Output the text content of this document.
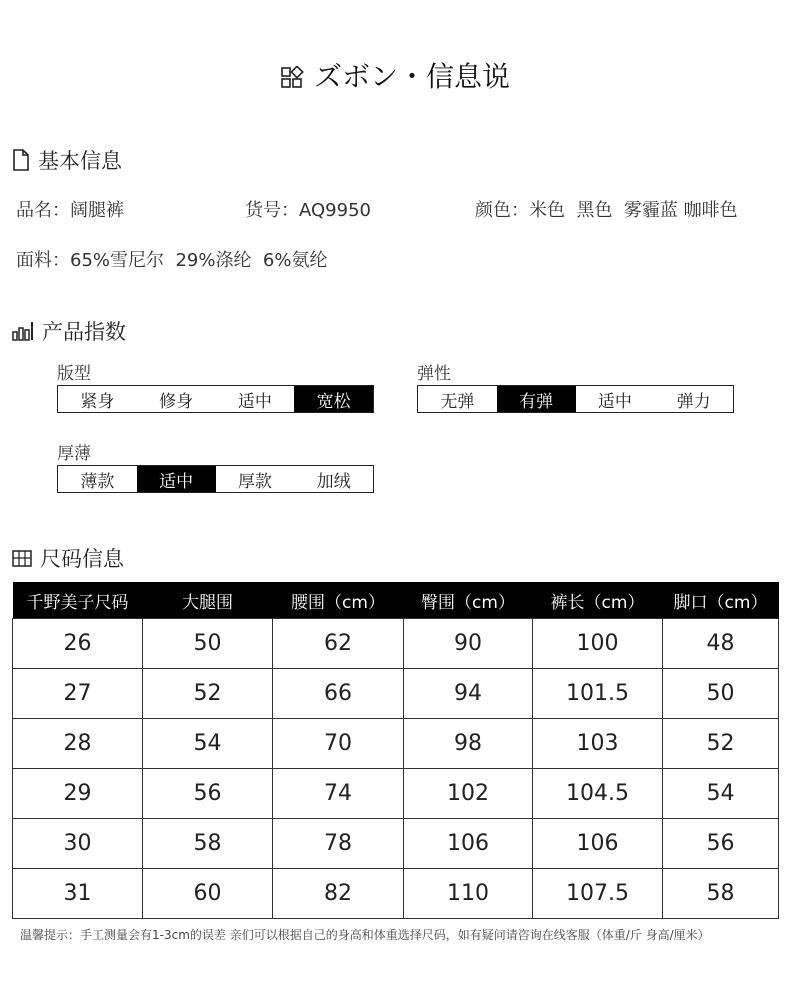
ズボン・信息说
基本信息
品名：阔腿裤	货号：AQ9950	颜色：米色  黑色  雾霾蓝 咖啡色
面料：65%雪尼尔  29%涤纶  6%氨纶
产品指数
版型
紧身	修身	适中	宽松
弹性
无弹	有弹	适中	弹力
厚薄
薄款	适中	厚款	加绒
尺码信息
千野美子尺码	大腿围	腰围（cm）	臀围（cm）	裤长（cm）	脚口（cm）
26	50	62	90	100	48
27	52	66	94	101.5	50
28	54	70	98	103	52
29	56	74	102	104.5	54
30	58	78	106	106	56
31	60	82	110	107.5	58
温馨提示：手工测量会有1-3cm的误差 亲们可以根据自己的身高和体重选择尺码，如有疑问请咨询在线客服（体重/斤 身高/厘米）
